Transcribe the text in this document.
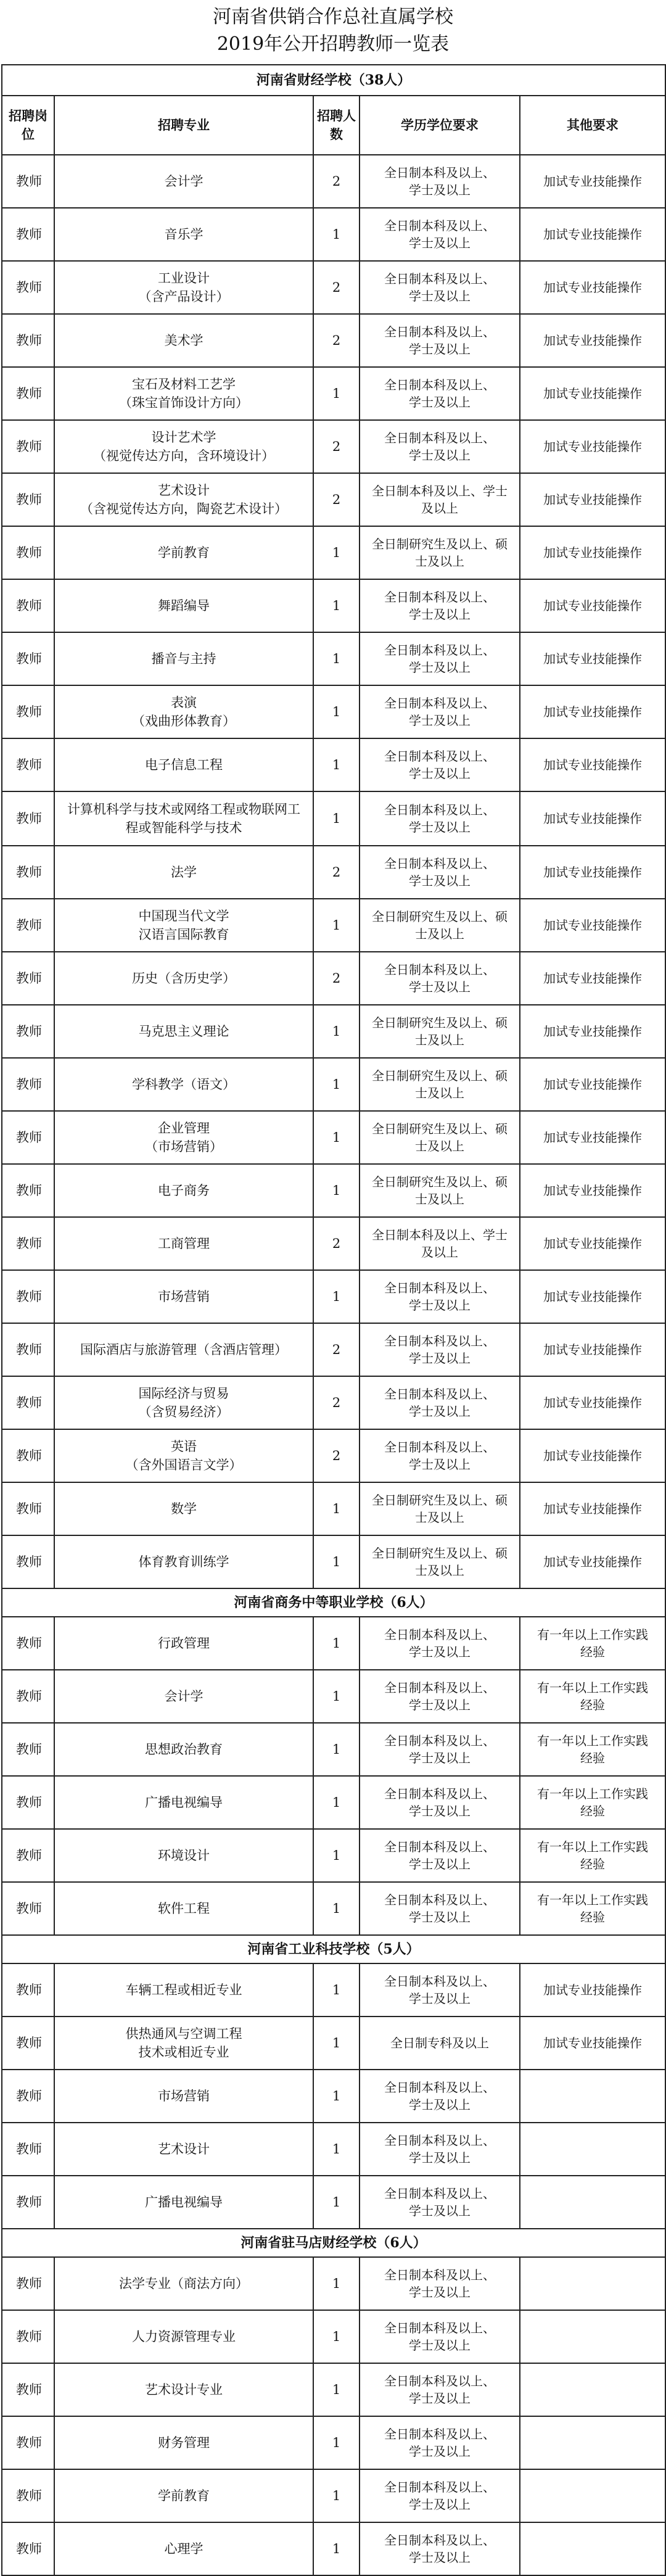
河南省供销合作总社直属学校
2019年公开招聘教师一览表
河南省财经学校（38人）				
招聘岗位	招聘专业	招聘人数	学历学位要求	其他要求
教师	会计学	2	全日制本科及以上、
学士及以上	加试专业技能操作
教师	音乐学	1	全日制本科及以上、
学士及以上	加试专业技能操作
教师	工业设计
（含产品设计）	2	全日制本科及以上、
学士及以上	加试专业技能操作
教师	美术学	2	全日制本科及以上、
学士及以上	加试专业技能操作
教师	宝石及材料工艺学
（珠宝首饰设计方向）	1	全日制本科及以上、
学士及以上	加试专业技能操作
教师	设计艺术学
（视觉传达方向，含环境设计）	2	全日制本科及以上、
学士及以上	加试专业技能操作
教师	艺术设计
（含视觉传达方向，陶瓷艺术设计）	2	全日制本科及以上、学士
及以上	加试专业技能操作
教师	学前教育	1	全日制研究生及以上、硕
士及以上	加试专业技能操作
教师	舞蹈编导	1	全日制本科及以上、
学士及以上	加试专业技能操作
教师	播音与主持	1	全日制本科及以上、
学士及以上	加试专业技能操作
教师	表演
（戏曲形体教育）	1	全日制本科及以上、
学士及以上	加试专业技能操作
教师	电子信息工程	1	全日制本科及以上、
学士及以上	加试专业技能操作
教师	计算机科学与技术或网络工程或物联网工
程或智能科学与技术	1	全日制本科及以上、
学士及以上	加试专业技能操作
教师	法学	2	全日制本科及以上、
学士及以上	加试专业技能操作
教师	中国现当代文学
汉语言国际教育	1	全日制研究生及以上、硕
士及以上	加试专业技能操作
教师	历史（含历史学）	2	全日制本科及以上、
学士及以上	加试专业技能操作
教师	马克思主义理论	1	全日制研究生及以上、硕
士及以上	加试专业技能操作
教师	学科教学（语文）	1	全日制研究生及以上、硕
士及以上	加试专业技能操作
教师	企业管理
（市场营销）	1	全日制研究生及以上、硕
士及以上	加试专业技能操作
教师	电子商务	1	全日制研究生及以上、硕
士及以上	加试专业技能操作
教师	工商管理	2	全日制本科及以上、学士
及以上	加试专业技能操作
教师	市场营销	1	全日制本科及以上、
学士及以上	加试专业技能操作
教师	国际酒店与旅游管理（含酒店管理）	2	全日制本科及以上、
学士及以上	加试专业技能操作
教师	国际经济与贸易
（含贸易经济）	2	全日制本科及以上、
学士及以上	加试专业技能操作
教师	英语
（含外国语言文学）	2	全日制本科及以上、
学士及以上	加试专业技能操作
教师	数学	1	全日制研究生及以上、硕
士及以上	加试专业技能操作
教师	体育教育训练学	1	全日制研究生及以上、硕
士及以上	加试专业技能操作
河南省商务中等职业学校（6人）				
教师	行政管理	1	全日制本科及以上、
学士及以上	有一年以上工作实践
经验
教师	会计学	1	全日制本科及以上、
学士及以上	有一年以上工作实践
经验
教师	思想政治教育	1	全日制本科及以上、
学士及以上	有一年以上工作实践
经验
教师	广播电视编导	1	全日制本科及以上、
学士及以上	有一年以上工作实践
经验
教师	环境设计	1	全日制本科及以上、
学士及以上	有一年以上工作实践
经验
教师	软件工程	1	全日制本科及以上、
学士及以上	有一年以上工作实践
经验
河南省工业科技学校（5人）				
教师	车辆工程或相近专业	1	全日制本科及以上、
学士及以上	加试专业技能操作
教师	供热通风与空调工程
技术或相近专业	1	全日制专科及以上	加试专业技能操作
教师	市场营销	1	全日制本科及以上、
学士及以上	
教师	艺术设计	1	全日制本科及以上、
学士及以上	
教师	广播电视编导	1	全日制本科及以上、
学士及以上	
河南省驻马店财经学校（6人）				
教师	法学专业（商法方向）	1	全日制本科及以上、
学士及以上	
教师	人力资源管理专业	1	全日制本科及以上、
学士及以上	
教师	艺术设计专业	1	全日制本科及以上、
学士及以上	
教师	财务管理	1	全日制本科及以上、
学士及以上	
教师	学前教育	1	全日制本科及以上、
学士及以上	
教师	心理学	1	全日制本科及以上、
学士及以上	
